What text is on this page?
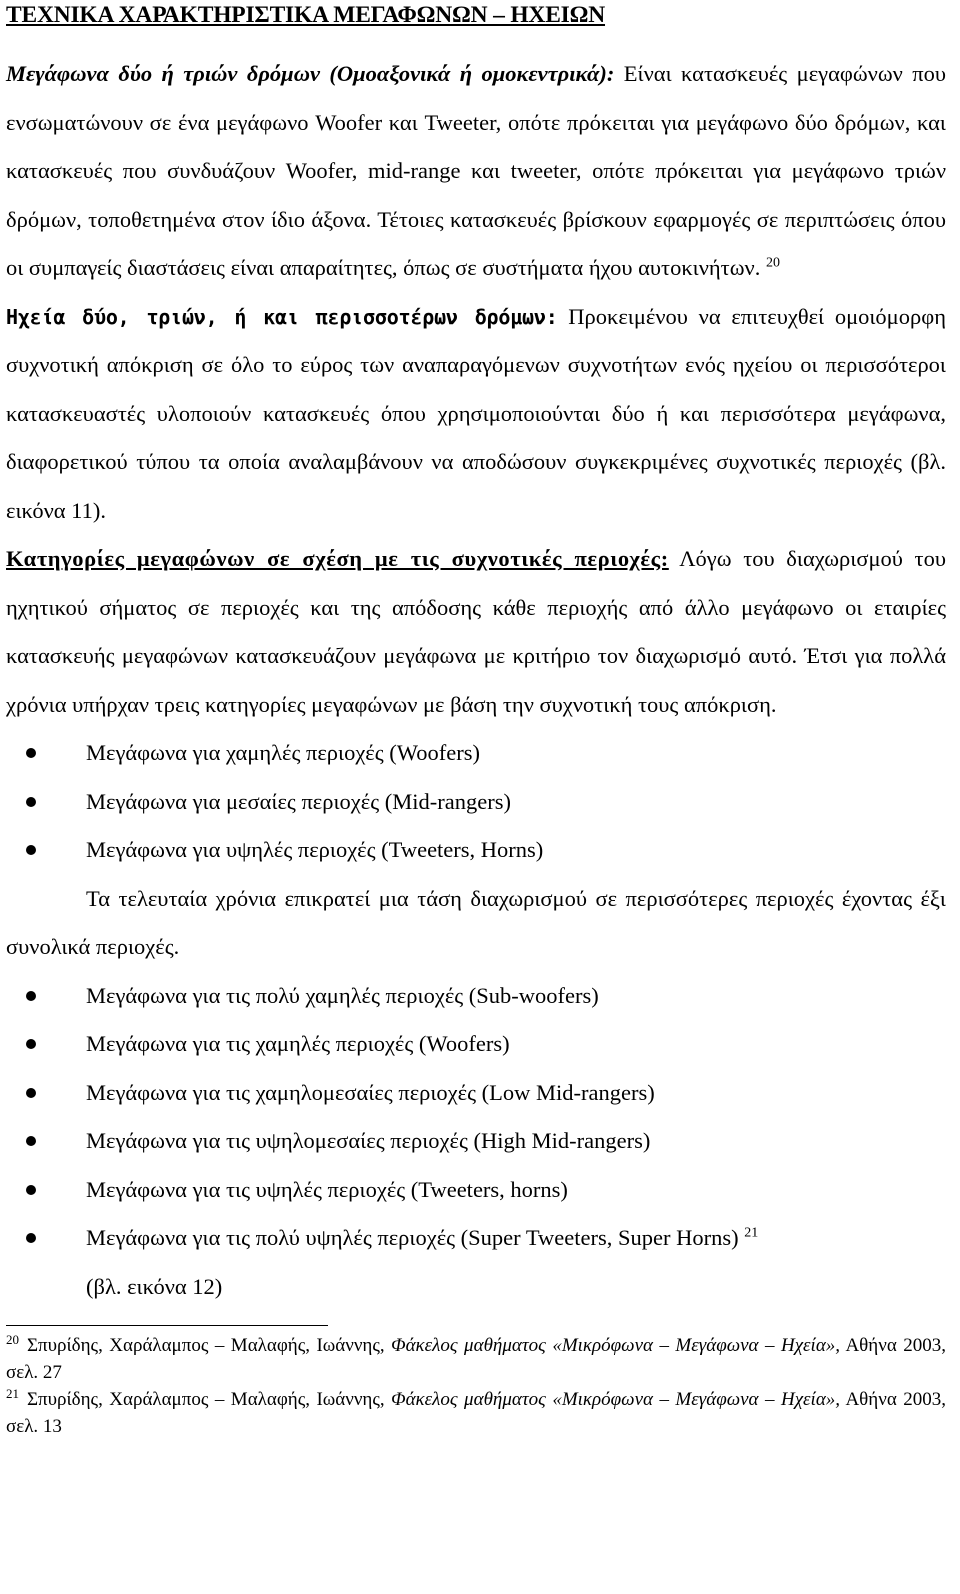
ΤΕΧΝΙΚΑ ΧΑΡΑΚΤΗΡΙΣΤΙΚΑ ΜΕΓΑΦΩΝΩΝ – ΗΧΕΙΩΝ

Μεγάφωνα δύο ή τριών δρόμων (Ομοαξονικά ή ομοκεντρικά): Είναι κατασκευές μεγαφώνων που ενσωματώνουν σε ένα μεγάφωνο Woofer και Tweeter, οπότε πρόκειται για μεγάφωνο δύο δρόμων, και κατασκευές που συνδυάζουν Woofer, mid-range και tweeter, οπότε πρόκειται για μεγάφωνο τριών δρόμων, τοποθετημένα στον ίδιο άξονα. Τέτοιες κατασκευές βρίσκουν εφαρμογές σε περιπτώσεις όπου οι συμπαγείς διαστάσεις είναι απαραίτητες, όπως σε συστήματα ήχου αυτοκινήτων. $^{20}$

Ηχεία δύο, τριών, ή και περισσοτέρων δρόμων: Προκειμένου να επιτευχθεί ομοιόμορφη συχνοτική απόκριση σε όλο το εύρος των αναπαραγόμενων συχνοτήτων ενός ηχείου οι περισσότεροι κατασκευαστές υλοποιούν κατασκευές όπου χρησιμοποιούνται δύο ή και περισσότερα μεγάφωνα, διαφορετικού τύπου τα οποία αναλαμβάνουν να αποδώσουν συγκεκριμένες συχνοτικές περιοχές (βλ. εικόνα 11).

Κατηγορίες μεγαφώνων σε σχέση με τις συχνοτικές περιοχές: Λόγω του διαχωρισμού του ηχητικού σήματος σε περιοχές και της απόδοσης κάθε περιοχής από άλλο μεγάφωνο οι εταιρίες κατασκευής μεγαφώνων κατασκευάζουν μεγάφωνα με κριτήριο τον διαχωρισμό αυτό. Έτσι για πολλά χρόνια υπήρχαν τρεις κατηγορίες μεγαφώνων με βάση την συχνοτική τους απόκριση.

Μεγάφωνα για χαμηλές περιοχές (Woofers)
Μεγάφωνα για μεσαίες περιοχές (Mid-rangers)
Μεγάφωνα για υψηλές περιοχές (Tweeters, Horns)

Τα τελευταία χρόνια επικρατεί μια τάση διαχωρισμού σε περισσότερες περιοχές έχοντας έξι συνολικά περιοχές.

Μεγάφωνα για τις πολύ χαμηλές περιοχές (Sub-woofers)
Μεγάφωνα για τις χαμηλές περιοχές (Woofers)
Μεγάφωνα για τις χαμηλομεσαίες περιοχές (Low Mid-rangers)
Μεγάφωνα για τις υψηλομεσαίες περιοχές (High Mid-rangers)
Μεγάφωνα για τις υψηλές περιοχές (Tweeters, horns)
Μεγάφωνα για τις πολύ υψηλές περιοχές (Super Tweeters, Super Horns) $^{21}$
(βλ. εικόνα 12)

$^{20}$ Σπυρίδης, Χαράλαμπος – Μαλαφής, Ιωάννης, Φάκελος μαθήματος «Μικρόφωνα – Μεγάφωνα – Ηχεία», Αθήνα 2003, σελ. 27

$^{21}$ Σπυρίδης, Χαράλαμπος – Μαλαφής, Ιωάννης, Φάκελος μαθήματος «Μικρόφωνα – Μεγάφωνα – Ηχεία», Αθήνα 2003, σελ. 13
